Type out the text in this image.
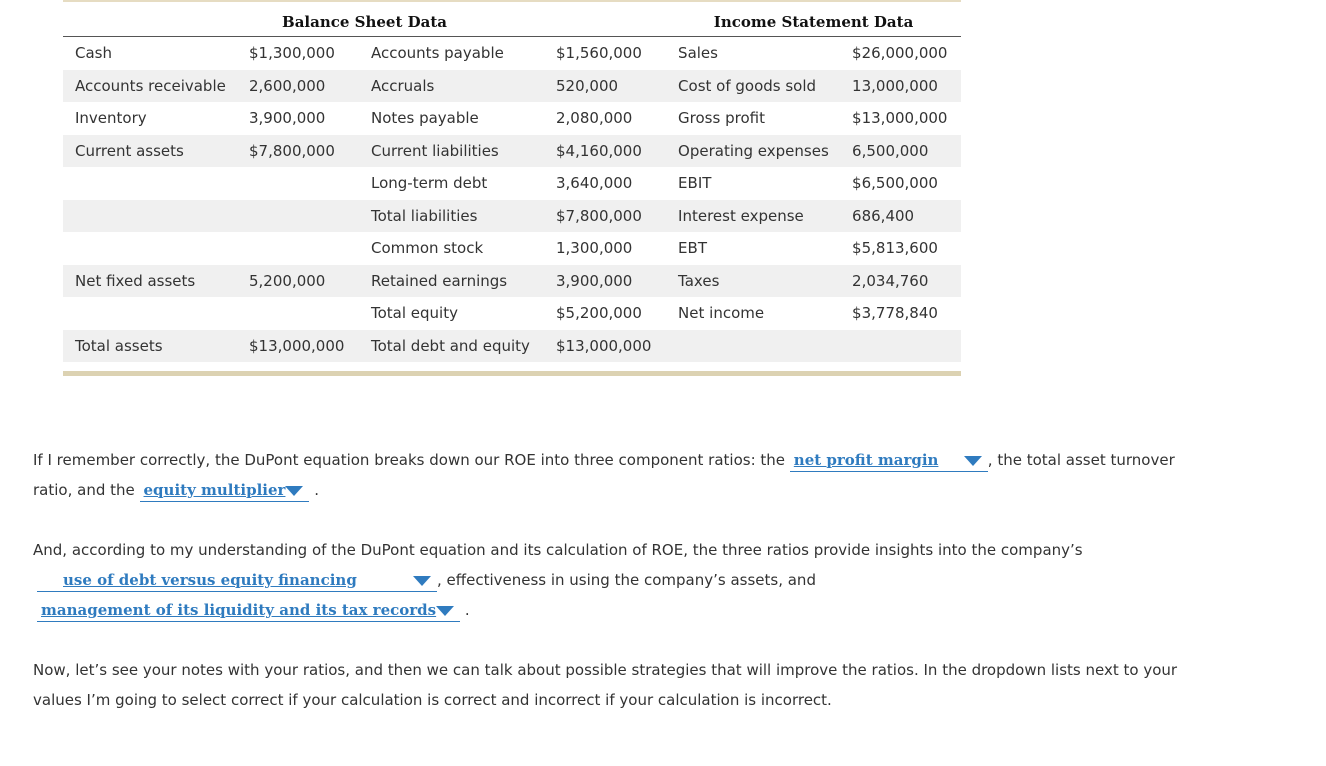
Balance Sheet Data				Income Statement Data	
Cash	$1,300,000	Accounts payable	$1,560,000	Sales	$26,000,000
Accounts receivable	2,600,000	Accruals	520,000	Cost of goods sold	13,000,000
Inventory	3,900,000	Notes payable	2,080,000	Gross profit	$13,000,000
Current assets	$7,800,000	Current liabilities	$4,160,000	Operating expenses	6,500,000
		Long-term debt	3,640,000	EBIT	$6,500,000
		Total liabilities	$7,800,000	Interest expense	686,400
		Common stock	1,300,000	EBT	$5,813,600
Net fixed assets	5,200,000	Retained earnings	3,900,000	Taxes	2,034,760
		Total equity	$5,200,000	Net income	$3,778,840
Total assets	$13,000,000	Total debt and equity	$13,000,000		
If I remember correctly, the DuPont equation breaks down our ROE into three component ratios: the net profit margin	, the total asset turnover ratio, and the equity multiplier .
And, according to my understanding of the DuPont equation and its calculation of ROE, the three ratios provide insights into the company’s
use of debt versus equity financing	, effectiveness in using the company’s assets, and
management of its liquidity and its tax records .
Now, let’s see your notes with your ratios, and then we can talk about possible strategies that will improve the ratios. In the dropdown lists next to your values I’m going to select correct if your calculation is correct and incorrect if your calculation is incorrect.
